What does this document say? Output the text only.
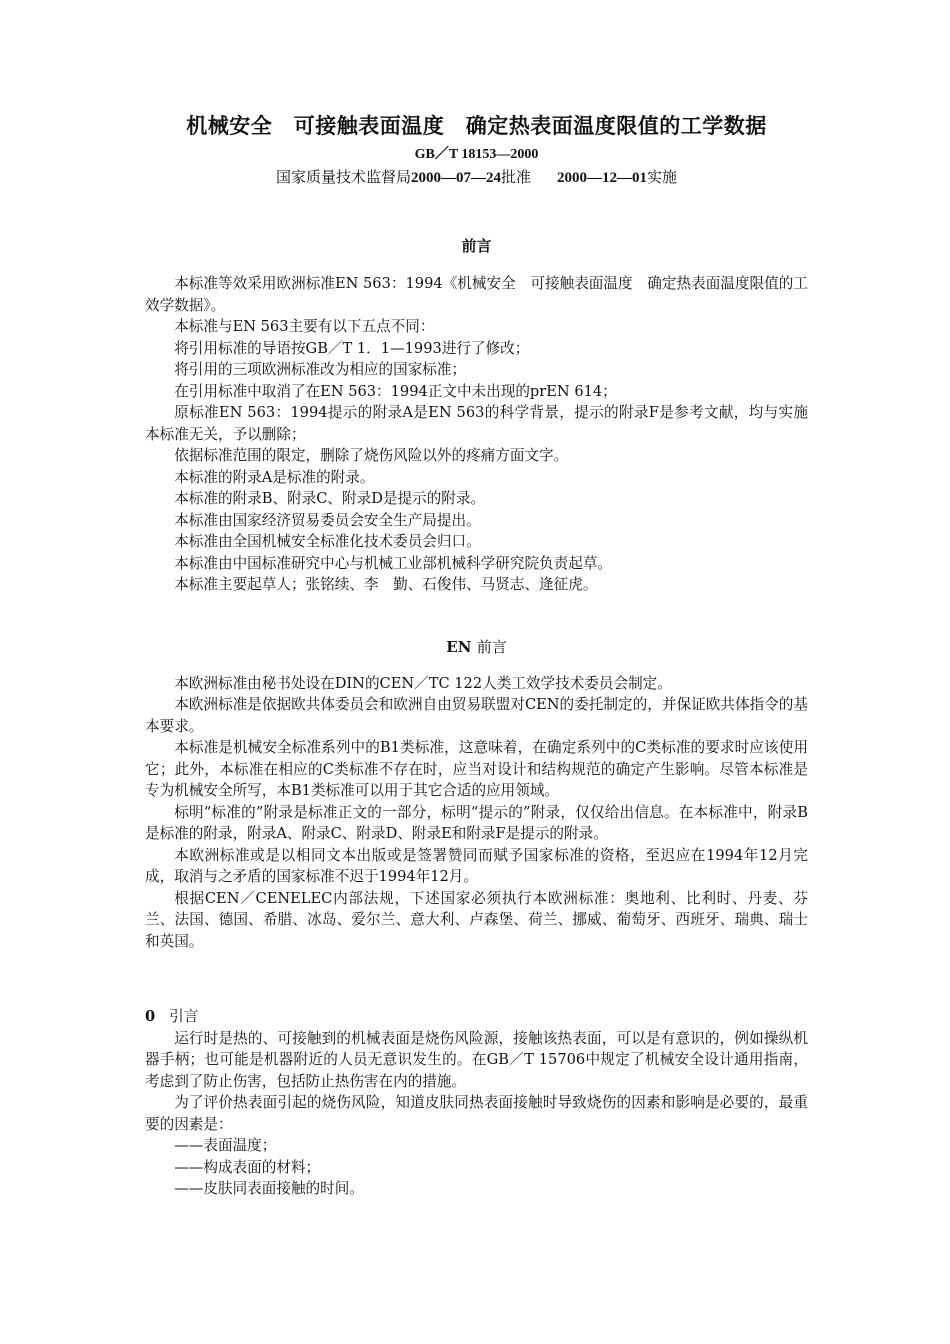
机械安全　可接触表面温度　确定热表面温度限值的工学数据

GB／T 18153—2000

国家质量技术监督局2000—07—24批准 2000—12—01实施

前言

本标准等效采用欧洲标准EN 563：1994《机械安全　可接触表面温度　确定热表面温度限值的工效学数据》。

本标准与EN 563主要有以下五点不同：

将引用标准的导语按GB／T 1．1—1993进行了修改；

将引用的三项欧洲标准改为相应的国家标准；

在引用标准中取消了在EN 563：1994正文中未出现的prEN 614；

原标准EN 563：1994提示的附录A是EN 563的科学背景，提示的附录F是参考文献，均与实施本标准无关，予以删除；

依据标准范围的限定，删除了烧伤风险以外的疼痛方面文字。

本标准的附录A是标准的附录。

本标准的附录B、附录C、附录D是提示的附录。

本标准由国家经济贸易委员会安全生产局提出。

本标准由全国机械安全标准化技术委员会归口。

本标准由中国标准研究中心与机械工业部机械科学研究院负责起草。

本标准主要起草人；张铭续、李　勤、石俊伟、马贤志、逄征虎。

EN 前言

本欧洲标准由秘书处设在DIN的CEN／TC 122人类工效学技术委员会制定。

本欧洲标准是依据欧共体委员会和欧洲自由贸易联盟对CEN的委托制定的，并保证欧共体指令的基本要求。

本标准是机械安全标准系列中的B1类标准，这意味着，在确定系列中的C类标准的要求时应该使用它；此外，本标准在相应的C类标准不存在时，应当对设计和结构规范的确定产生影响。尽管本标准是专为机械安全所写，本B1类标准可以用于其它合适的应用领域。

标明“标准的”附录是标准正文的一部分，标明“提示的”附录，仅仅给出信息。在本标准中，附录B是标准的附录，附录A、附录C、附录D、附录E和附录F是提示的附录。

本欧洲标准或是以相同文本出版或是签署赞同而赋予国家标准的资格，至迟应在1994年12月完成，取消与之矛盾的国家标准不迟于1994年12月。

根据CEN／CENELEC内部法规，下述国家必须执行本欧洲标准：奥地利、比利时、丹麦、芬兰、法国、德国、希腊、冰岛、爱尔兰、意大利、卢森堡、荷兰、挪威、葡萄牙、西班牙、瑞典、瑞士和英国。

0 引言

运行时是热的、可接触到的机械表面是烧伤风险源，接触该热表面，可以是有意识的，例如操纵机器手柄；也可能是机器附近的人员无意识发生的。在GB／T 15706中规定了机械安全设计通用指南，考虑到了防止伤害，包括防止热伤害在内的措施。

为了评价热表面引起的烧伤风险，知道皮肤同热表面接触时导致烧伤的因素和影响是必要的，最重要的因素是：

——表面温度；

——构成表面的材料；

——皮肤同表面接触的时间。
